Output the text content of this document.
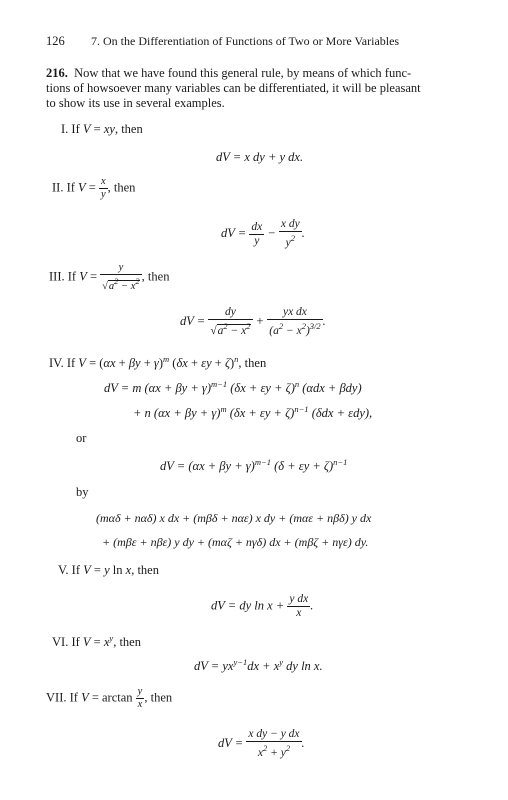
126 7. On the Differentiation of Functions of Two or More Variables
216. Now that we have found this general rule, by means of which func-
tions of howsoever many variables can be differentiated, it will be pleasant
to show its use in several examples.
I. If V = xy, then
dV = x dy + y dx.
II. If $V = \frac{x}{y}$ , then
dV = $\frac{dx}{y} - \frac{\text{x dy}}{y^2}$ .
III. If $V = \frac{y}{√a^2 - x^2}$ , then
dV = $\frac{dy}{√a^2 - x^2} + \frac{\text{yx dx}}{(a^2 - x^2)^{3/2}}$ .
IV. If $V = (\alpha x + \beta y + \gamma)^m$ $(\delta x + \varepsilon y + \zeta)^n$, then
dV = m $(\alpha x + \beta y + \gamma)^{m-1}$ $(\delta x + \varepsilon y + \zeta)^n$ (αdx + βdy)
+ n $(\alpha x + \beta y + \gamma)^m$ $(\delta x + \varepsilon y + \zeta)^{n-1}$ (δdx + εdy),
or
dV = $(\alpha x + \beta y + \gamma)^{m-1}$ $(\delta + \varepsilon y + \zeta)^{n-1}$
by
(mαδ + nαδ) x dx + (mβδ + nαε) x dy + (mαε + nβδ) y dx
+ (mβε + nβε) y dy + (mαζ + nγδ) dx + (mβζ + nγε) dy.
V. If V = y ln x, then
dV = dy $\ln x + \frac{\text{y dx}}{x}$ .
VI. If $V = x^y$, then
dV = $yx^{y-1}dx + x^y$ dy ln x.
VII. If $V = \arctan \frac{y}{x}$ , then
dV = $\frac{\text{x dy − y dx}}{x^2 + y^2}$ .
